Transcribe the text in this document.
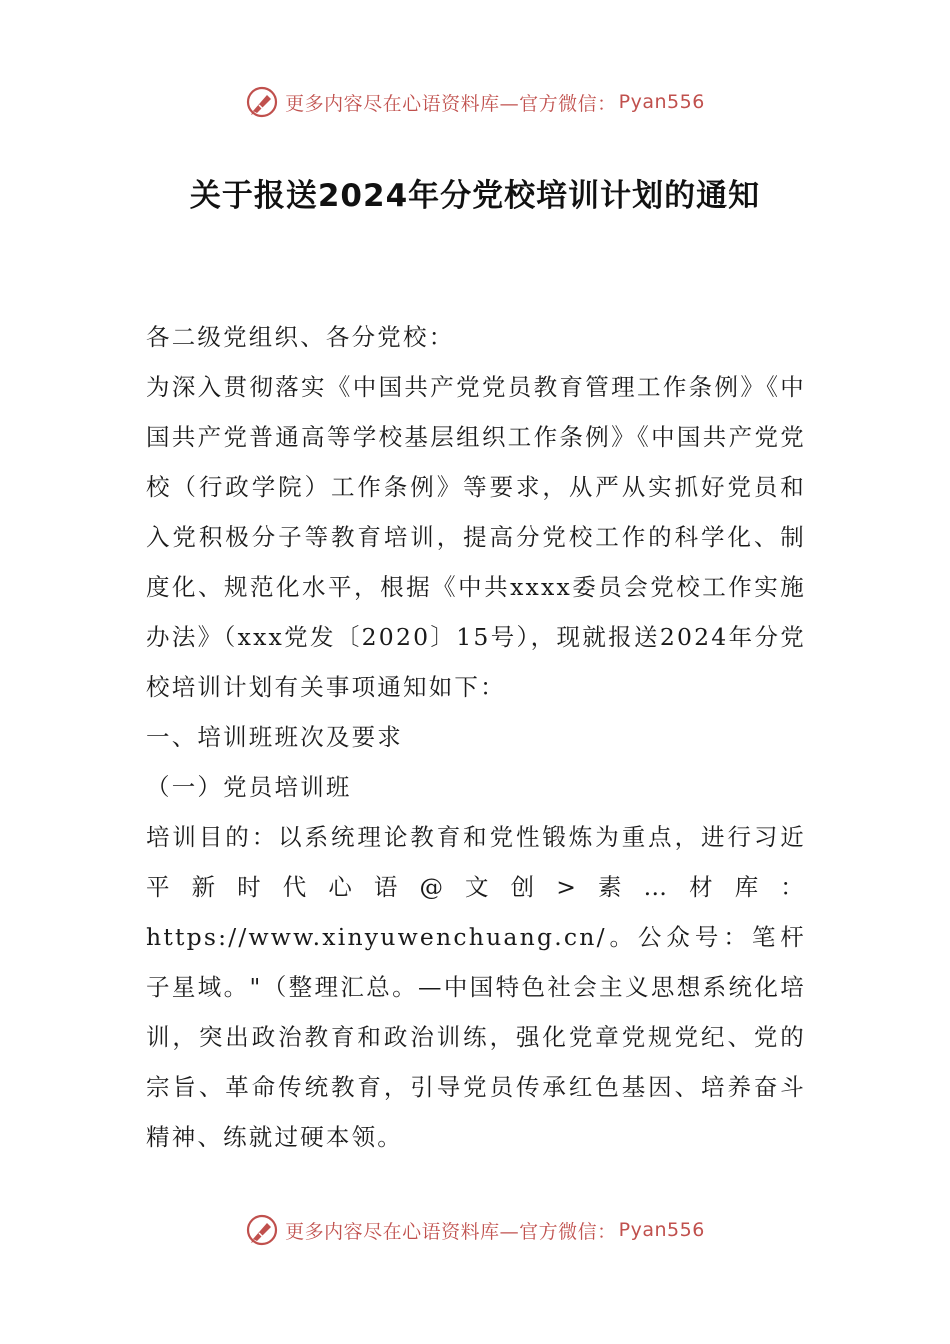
更多内容尽在心语资料库—官方微信： Pyan556
关于报送2024年分党校培训计划的通知

各二级党组织、各分党校：

为深入贯彻落实《中国共产党党员教育管理工作条例》《中国共产党普通高等学校基层组织工作条例》《中国共产党党校（行政学院）工作条例》等要求，从严从实抓好党员和入党积极分子等教育培训，提高分党校工作的科学化、制度化、规范化水平，根据《中共xxxx委员会党校工作实施办法》（xxx党发〔2020〕15号），现就报送2024年分党校培训计划有关事项通知如下：

一、培训班班次及要求

（一）党员培训班

培训目的：以系统理论教育和党性锻炼为重点，进行习近平新时代心语@文创>素…材库：https://www.xinyuwenchuang.cn/。公众号：笔杆子星域。"（整理汇总。—中国特色社会主义思想系统化培训，突出政治教育和政治训练，强化党章党规党纪、党的宗旨、革命传统教育，引导党员传承红色基因、培养奋斗精神、练就过硬本领。

更多内容尽在心语资料库—官方微信： Pyan556
